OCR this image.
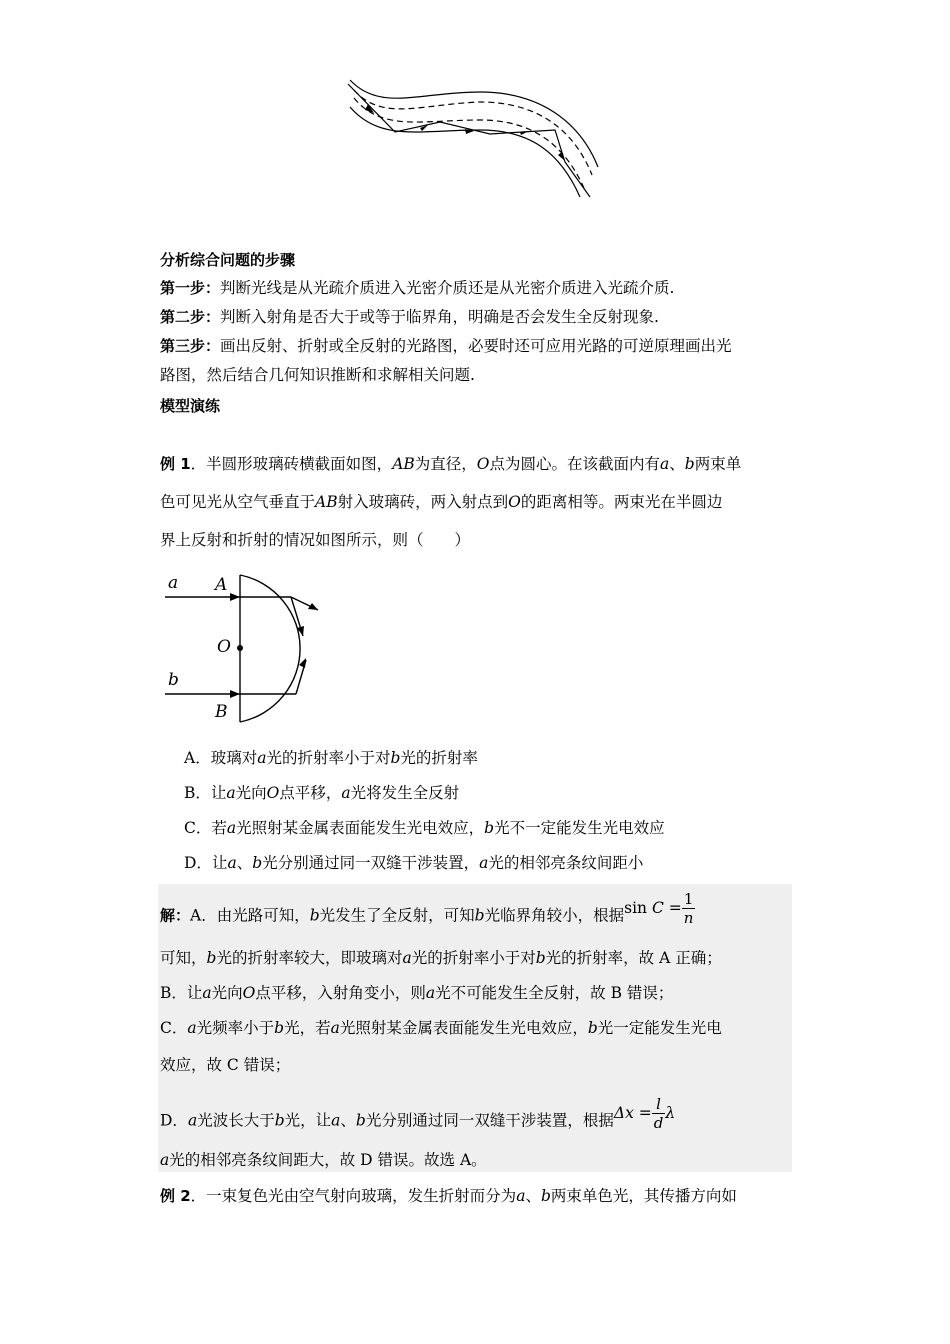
分析综合问题的步骤
第一步：判断光线是从光疏介质进入光密介质还是从光密介质进入光疏介质.
第二步：判断入射角是否大于或等于临界角，明确是否会发生全反射现象.
第三步：画出反射、折射或全反射的光路图，必要时还可应用光路的可逆原理画出光
路图，然后结合几何知识推断和求解相关问题.
模型演练
例 1．半圆形玻璃砖横截面如图，AB为直径，O点为圆心。在该截面内有a、b两束单
色可见光从空气垂直于AB射入玻璃砖，两入射点到O的距离相等。两束光在半圆边
界上反射和折射的情况如图所示，则（　　）
a A
O
b
B
A．玻璃对a光的折射率小于对b光的折射率
B．让a光向O点平移，a光将发生全反射
C．若a光照射某金属表面能发生光电效应，b光不一定能发生光电效应
D．让a、b光分别通过同一双缝干涉装置，a光的相邻亮条纹间距小
解：A．由光路可知，b光发生了全反射，可知b光临界角较小，根据$\sin C = \frac{1}{n}$
可知，b光的折射率较大，即玻璃对a光的折射率小于对b光的折射率，故 A 正确；
B．让a光向O点平移，入射角变小，则a光不可能发生全反射，故 B 错误；
C．a光频率小于b光，若a光照射某金属表面能发生光电效应，b光一定能发生光电
效应，故 C 错误；
D．a光波长大于b光，让a、b光分别通过同一双缝干涉装置，根据$\Delta x = \frac{l}{d}$ λ
a光的相邻亮条纹间距大，故 D 错误。故选 A。
例 2．一束复色光由空气射向玻璃，发生折射而分为a、b两束单色光，其传播方向如
